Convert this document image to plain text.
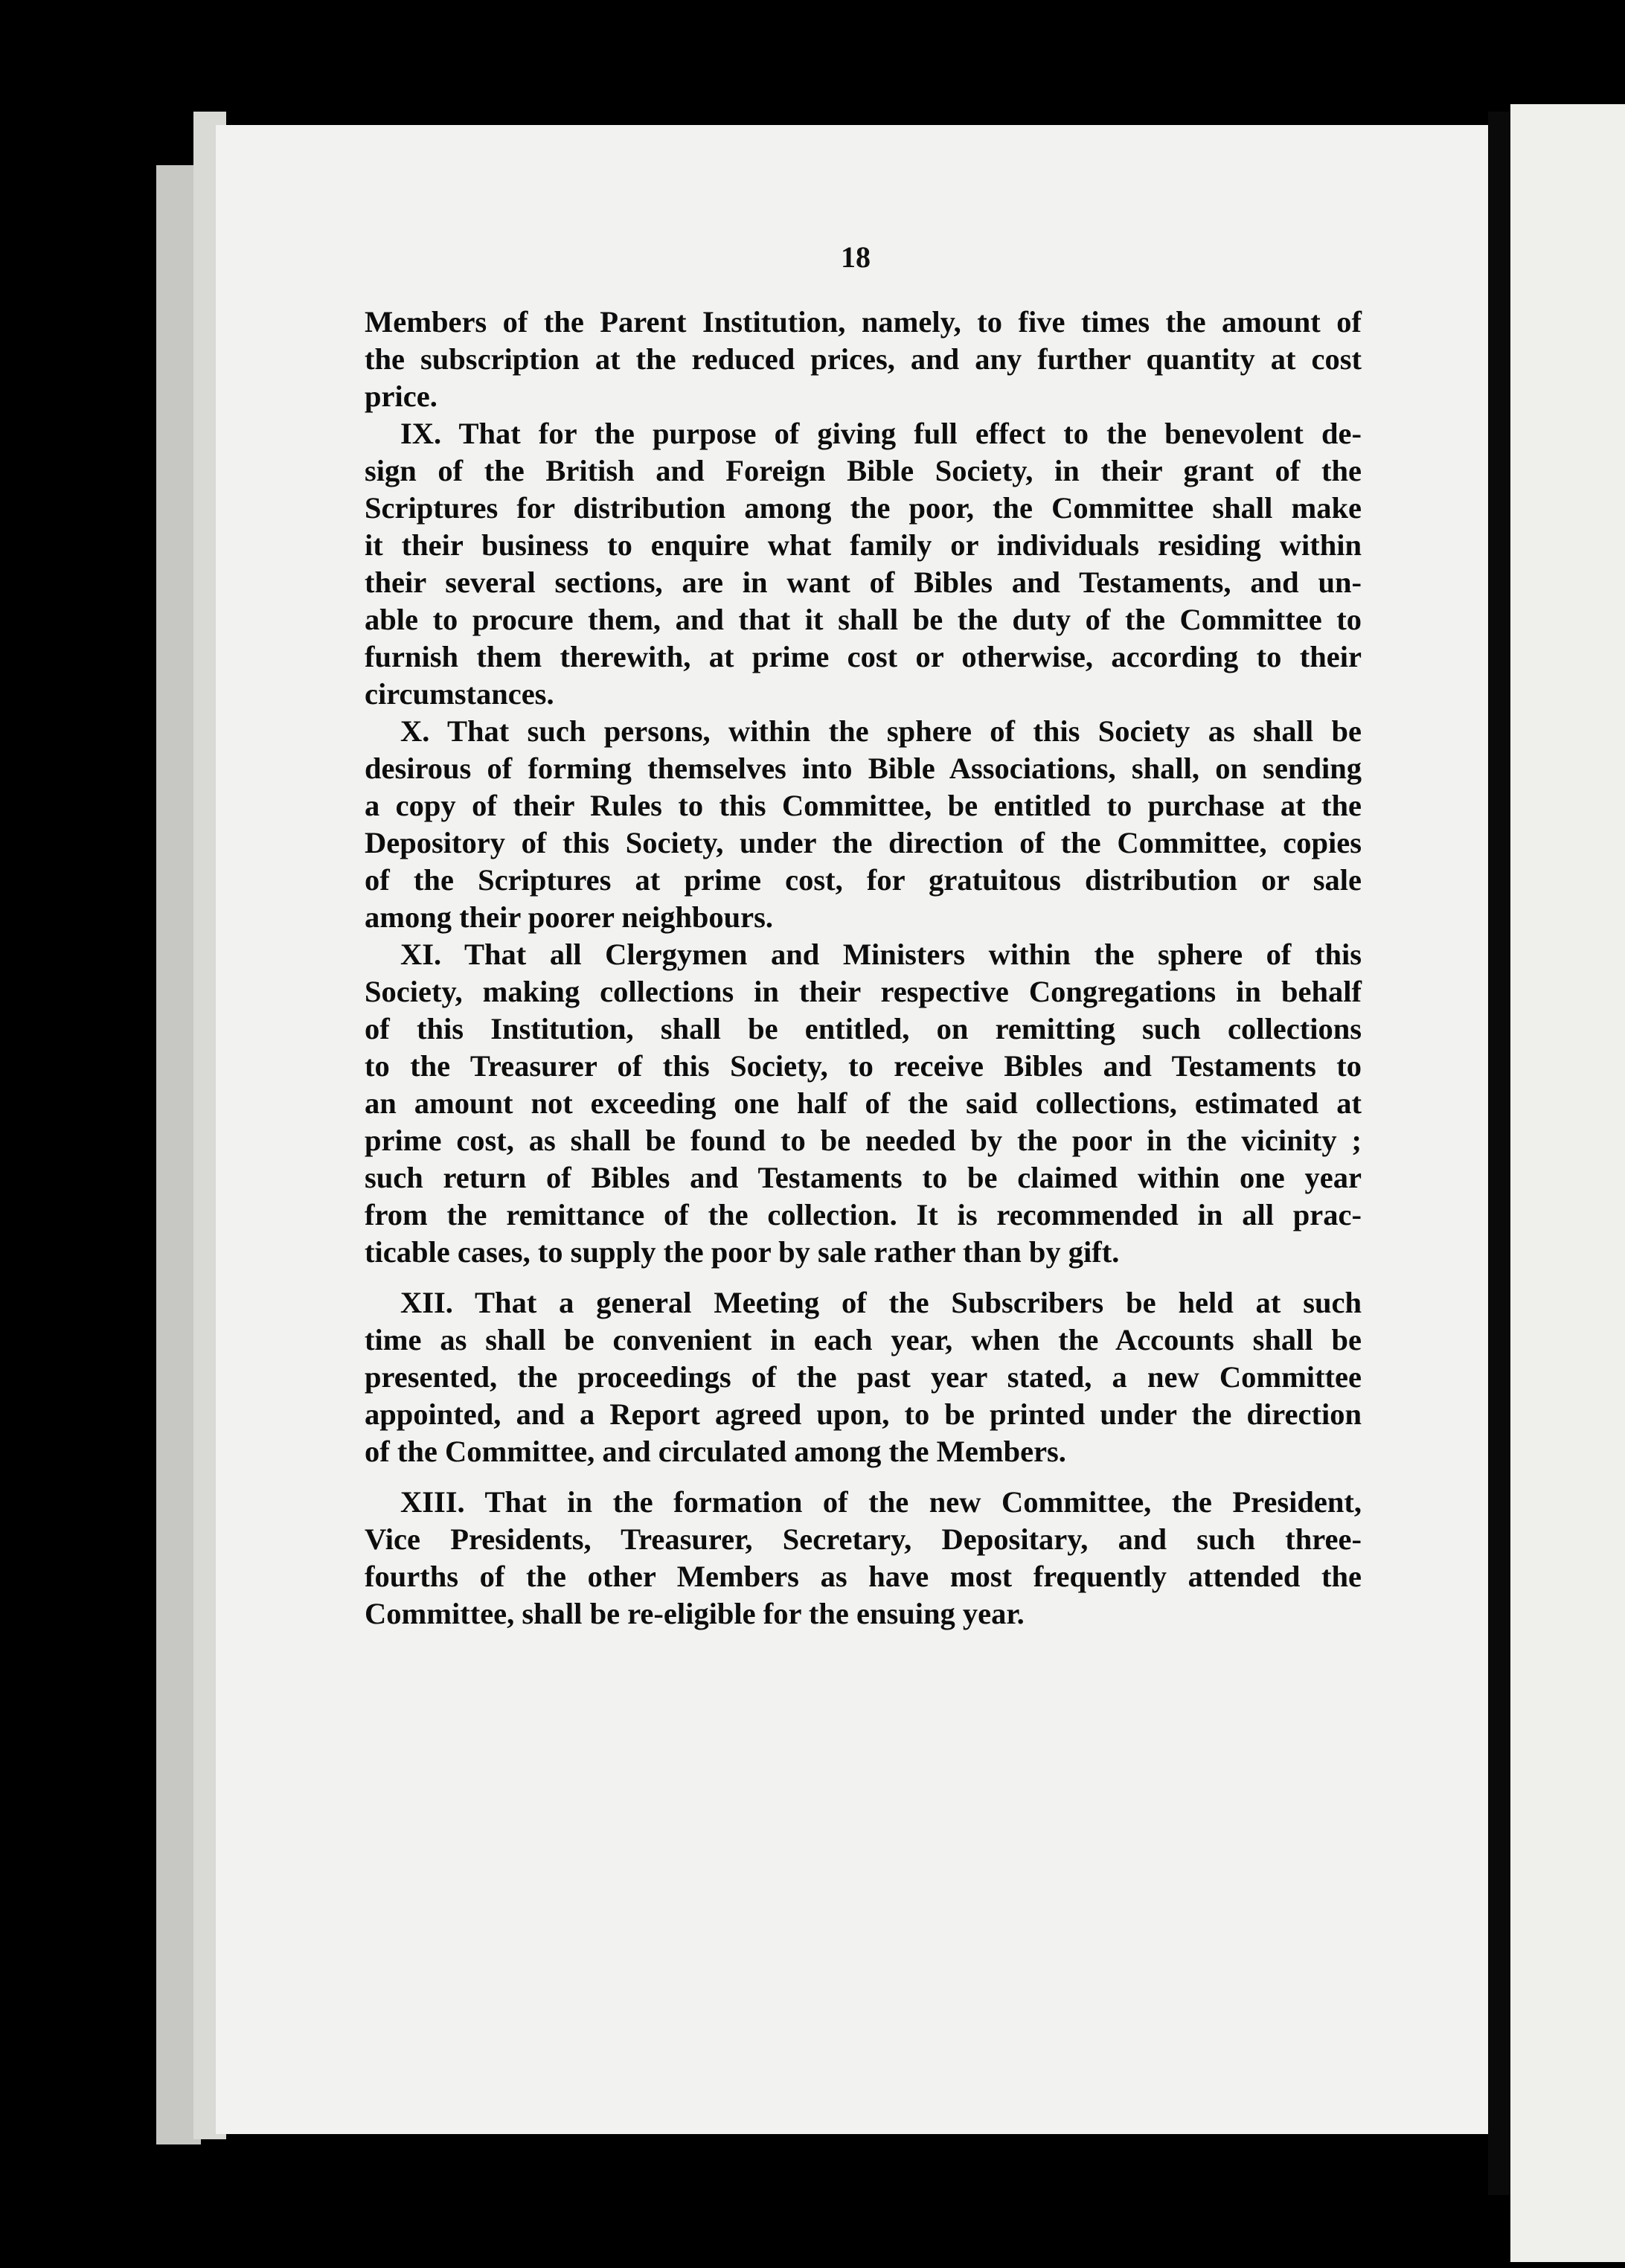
18
Members of the Parent Institution, namely, to five times the amount of
the subscription at the reduced prices, and any further quantity at cost
price.
IX. That for the purpose of giving full effect to the benevolent de-
sign of the British and Foreign Bible Society, in their grant of the
Scriptures for distribution among the poor, the Committee shall make
it their business to enquire what family or individuals residing within
their several sections, are in want of Bibles and Testaments, and un-
able to procure them, and that it shall be the duty of the Committee to
furnish them therewith, at prime cost or otherwise, according to their
circumstances.
X. That such persons, within the sphere of this Society as shall be
desirous of forming themselves into Bible Associations, shall, on sending
a copy of their Rules to this Committee, be entitled to purchase at the
Depository of this Society, under the direction of the Committee, copies
of the Scriptures at prime cost, for gratuitous distribution or sale
among their poorer neighbours.
XI. That all Clergymen and Ministers within the sphere of this
Society, making collections in their respective Congregations in behalf
of this Institution, shall be entitled, on remitting such collections
to the Treasurer of this Society, to receive Bibles and Testaments to
an amount not exceeding one half of the said collections, estimated at
prime cost, as shall be found to be needed by the poor in the vicinity ;
such return of Bibles and Testaments to be claimed within one year
from the remittance of the collection. It is recommended in all prac-
ticable cases, to supply the poor by sale rather than by gift.
XII. That a general Meeting of the Subscribers be held at such
time as shall be convenient in each year, when the Accounts shall be
presented, the proceedings of the past year stated, a new Committee
appointed, and a Report agreed upon, to be printed under the direction
of the Committee, and circulated among the Members.
XIII. That in the formation of the new Committee, the President,
Vice Presidents, Treasurer, Secretary, Depositary, and such three-
fourths of the other Members as have most frequently attended the
Committee, shall be re-eligible for the ensuing year.
